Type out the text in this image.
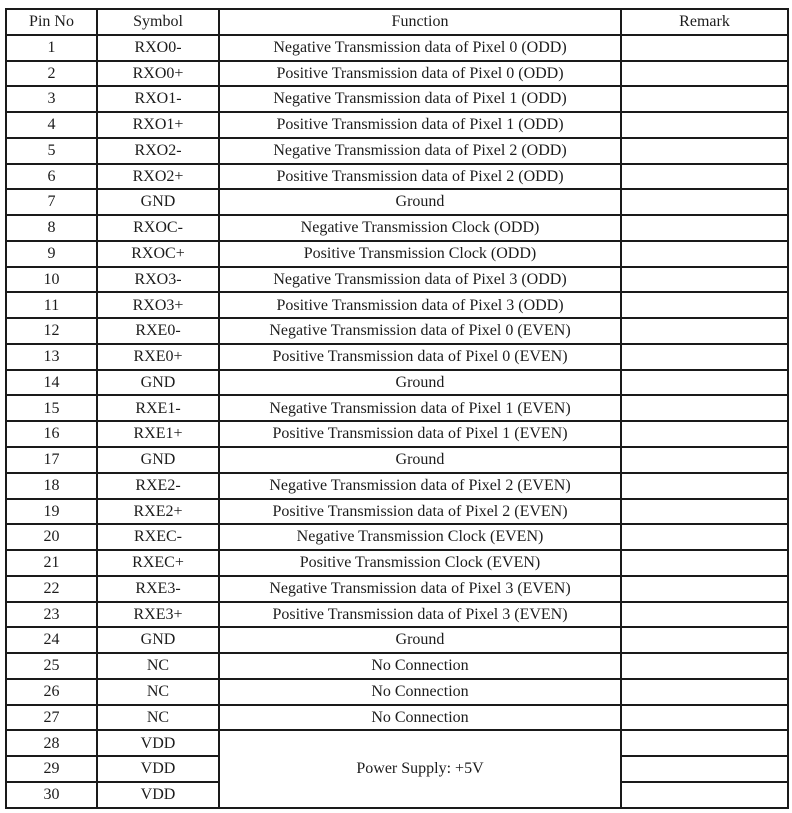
Pin No	Symbol	Function	Remark
1	RXO0-	Negative Transmission data of Pixel 0 (ODD)	
2	RXO0+	Positive Transmission data of Pixel 0 (ODD)	
3	RXO1-	Negative Transmission data of Pixel 1 (ODD)	
4	RXO1+	Positive Transmission data of Pixel 1 (ODD)	
5	RXO2-	Negative Transmission data of Pixel 2 (ODD)	
6	RXO2+	Positive Transmission data of Pixel 2 (ODD)	
7	GND	Ground	
8	RXOC-	Negative Transmission Clock (ODD)	
9	RXOC+	Positive Transmission Clock (ODD)	
10	RXO3-	Negative Transmission data of Pixel 3 (ODD)	
11	RXO3+	Positive Transmission data of Pixel 3 (ODD)	
12	RXE0-	Negative Transmission data of Pixel 0 (EVEN)	
13	RXE0+	Positive Transmission data of Pixel 0 (EVEN)	
14	GND	Ground	
15	RXE1-	Negative Transmission data of Pixel 1 (EVEN)	
16	RXE1+	Positive Transmission data of Pixel 1 (EVEN)	
17	GND	Ground	
18	RXE2-	Negative Transmission data of Pixel 2 (EVEN)	
19	RXE2+	Positive Transmission data of Pixel 2 (EVEN)	
20	RXEC-	Negative Transmission Clock (EVEN)	
21	RXEC+	Positive Transmission Clock (EVEN)	
22	RXE3-	Negative Transmission data of Pixel 3 (EVEN)	
23	RXE3+	Positive Transmission data of Pixel 3 (EVEN)	
24	GND	Ground	
25	NC	No Connection	
26	NC	No Connection	
27	NC	No Connection	
28	VDD	Power Supply: +5V	
29	VDD		
30	VDD		
